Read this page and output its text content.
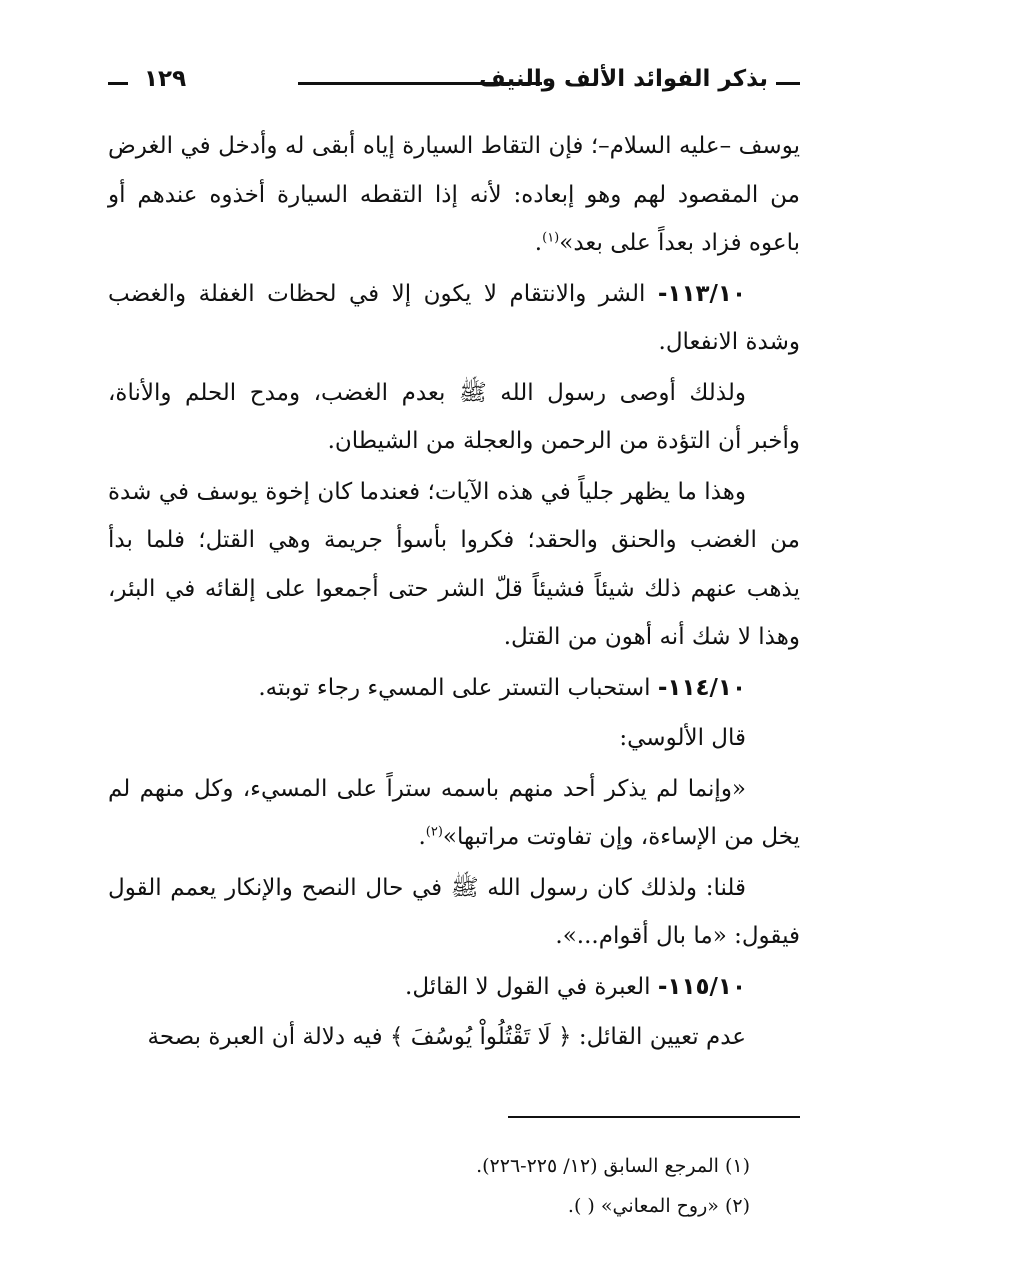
بذكر الفوائد الألف والنيف
١٢٩

يوسف –عليه السلام–؛ فإن التقاط السيارة إياه أبقى له وأدخل في الغرض من المقصود لهم وهو إبعاده: لأنه إذا التقطه السيارة أخذوه عندهم أو باعوه فزاد بعداً على بعد»$^{(١)}$.

١١٣/١٠- الشر والانتقام لا يكون إلا في لحظات الغفلة والغضب وشدة الانفعال.

ولذلك أوصى رسول الله ﷺ بعدم الغضب، ومدح الحلم والأناة، وأخبر أن التؤدة من الرحمن والعجلة من الشيطان.

وهذا ما يظهر جلياً في هذه الآيات؛ فعندما كان إخوة يوسف في شدة من الغضب والحنق والحقد؛ فكروا بأسوأ جريمة وهي القتل؛ فلما بدأ يذهب عنهم ذلك شيئاً فشيئاً قلّ الشر حتى أجمعوا على إلقائه في البئر، وهذا لا شك أنه أهون من القتل.

١١٤/١٠- استحباب التستر على المسيء رجاء توبته.

قال الألوسي:

«وإنما لم يذكر أحد منهم باسمه ستراً على المسيء، وكل منهم لم يخل من الإساءة، وإن تفاوتت مراتبها»$^{(٢)}$.

قلنا: ولذلك كان رسول الله ﷺ في حال النصح والإنكار يعمم القول فيقول: «ما بال أقوام...».

١١٥/١٠- العبرة في القول لا القائل.

عدم تعيين القائل: ﴿ لَا تَقْتُلُواْ يُوسُفَ ﴾ فيه دلالة أن العبرة بصحة

(١) المرجع السابق (١٢/ ٢٢٥-٢٢٦).

(٢) «روح المعاني» ( ).
